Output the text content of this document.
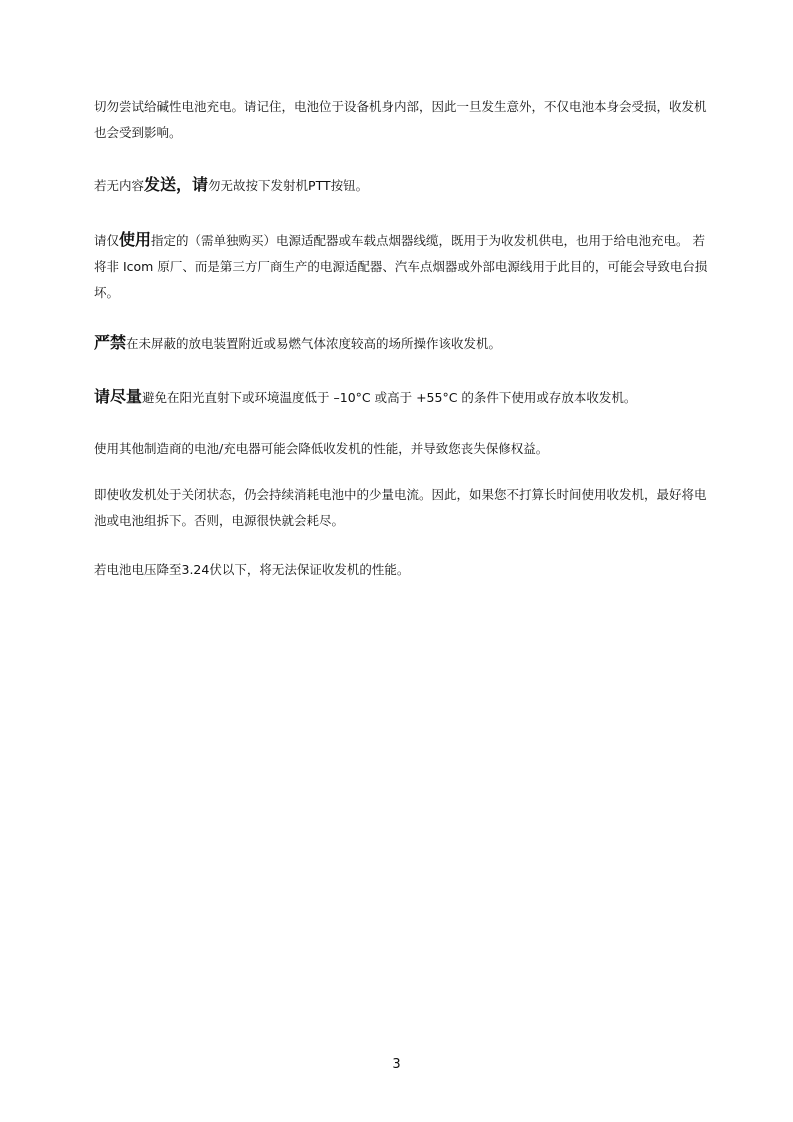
切勿尝试给碱性电池充电。请记住，电池位于设备机身内部，因此一旦发生意外，不仅电池本身会受损，收发机也会受到影响。

若无内容发送，请勿无故按下发射机PTT按钮。

请仅使用指定的（需单独购买）电源适配器或车载点烟器线缆，既用于为收发机供电，也用于给电池充电。 若将非 Icom 原厂、而是第三方厂商生产的电源适配器、汽车点烟器或外部电源线用于此目的，可能会导致电台损坏。

严禁在未屏蔽的放电装置附近或易燃气体浓度较高的场所操作该收发机。

请尽量避免在阳光直射下或环境温度低于 –10°C 或高于 +55°C 的条件下使用或存放本收发机。

使用其他制造商的电池/充电器可能会降低收发机的性能，并导致您丧失保修权益。

即使收发机处于关闭状态，仍会持续消耗电池中的少量电流。因此，如果您不打算长时间使用收发机，最好将电池或电池组拆下。否则，电源很快就会耗尽。

若电池电压降至3.24伏以下，将无法保证收发机的性能。

3
